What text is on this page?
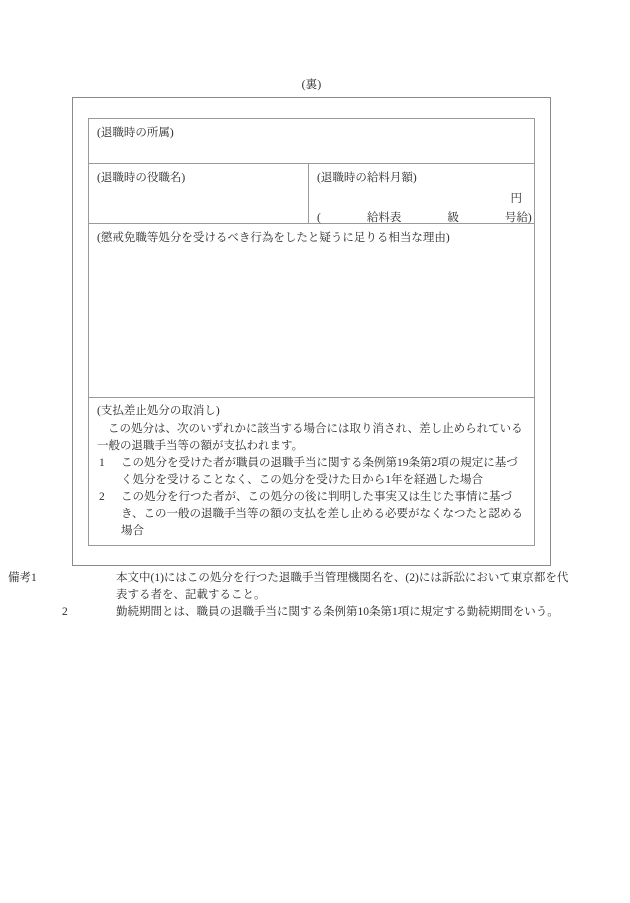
(裏)
(退職時の所属)
(退職時の役職名)	(退職時の給料月額)
円
(　　　　給料表　　　　級　　　　号給)
(懲戒免職等処分を受けるべき行為をしたと疑うに足りる相当な理由)
(支払差止処分の取消し)
この処分は、次のいずれかに該当する場合には取り消され、差し止められている一般の退職手当等の額が支払われます。
1 この処分を受けた者が職員の退職手当に関する条例第19条第2項の規定に基づく処分を受けることなく、この処分を受けた日から1年を経過した場合
2 この処分を行つた者が、この処分の後に判明した事実又は生じた事情に基づき、この一般の退職手当等の額の支払を差し止める必要がなくなつたと認める場合
備考1	本文中(1)にはこの処分を行つた退職手当管理機関名を、(2)には訴訟において東京都を代表する者を、記載すること。
2	勤続期間とは、職員の退職手当に関する条例第10条第1項に規定する勤続期間をいう。
